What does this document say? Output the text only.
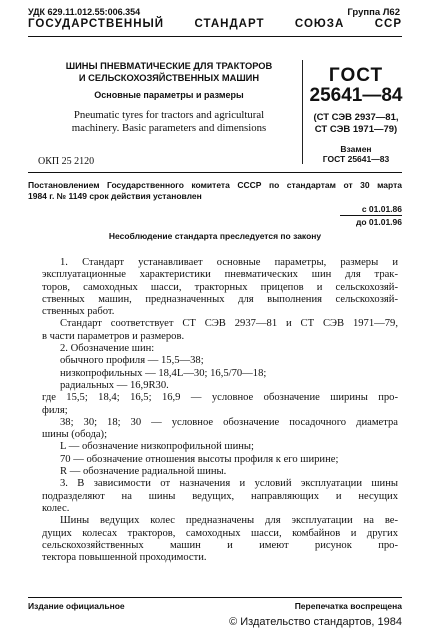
УДК 629.11.012.55:006.354	Группа Л62
ГОСУДАРСТВЕННЫЙ СТАНДАРТ СОЮЗА ССР
ШИНЫ ПНЕВМАТИЧЕСКИЕ ДЛЯ ТРАКТОРОВ
И СЕЛЬСКОХОЗЯЙСТВЕННЫХ МАШИН
Основные параметры и размеры
Pneumatic tyres for tractors and agricultural
machinery. Basic parameters and dimensions
ОКП 25 2120
ГОСТ
25641—84
(СТ СЭВ 2937—81,
СТ СЭВ 1971—79)
Взамен
ГОСТ 25641—83
Постановлением Государственного комитета СССР по стандартам от 30 марта
1984 г. № 1149 срок действия установлен
с 01.01.86
до 01.01.96
Несоблюдение стандарта преследуется по закону
1. Стандарт устанавливает основные параметры, размеры и
эксплуатационные характеристики пневматических шин для трак-
торов, самоходных шасси, тракторных прицепов и сельскохозяй-
ственных машин, предназначенных для выполнения сельскохозяй-
ственных работ.
Стандарт соответствует СТ СЭВ 2937—81 и СТ СЭВ 1971—79,
в части параметров и размеров.
2. Обозначение шин:
обычного профиля — 15,5—38;
низкопрофильных — 18,4L—30; 16,5/70—18;
радиальных — 16,9R30.
где 15,5; 18,4; 16,5; 16,9 — условное обозначение ширины про-
филя;
38; 30; 18; 30 — условное обозначение посадочного диаметра
шины (обода);
L — обозначение низкопрофильной шины;
70 — обозначение отношения высоты профиля к его ширине;
R — обозначение радиальной шины.
3. В зависимости от назначения и условий эксплуатации шины
подразделяют на шины ведущих, направляющих и несущих
колес.
Шины ведущих колес предназначены для эксплуатации на ве-
дущих колесах тракторов, самоходных шасси, комбайнов и других
сельскохозяйственных машин и имеют рисунок про-
тектора повышенной проходимости.
Издание официальное	Перепечатка воспрещена
© Издательство стандартов, 1984
